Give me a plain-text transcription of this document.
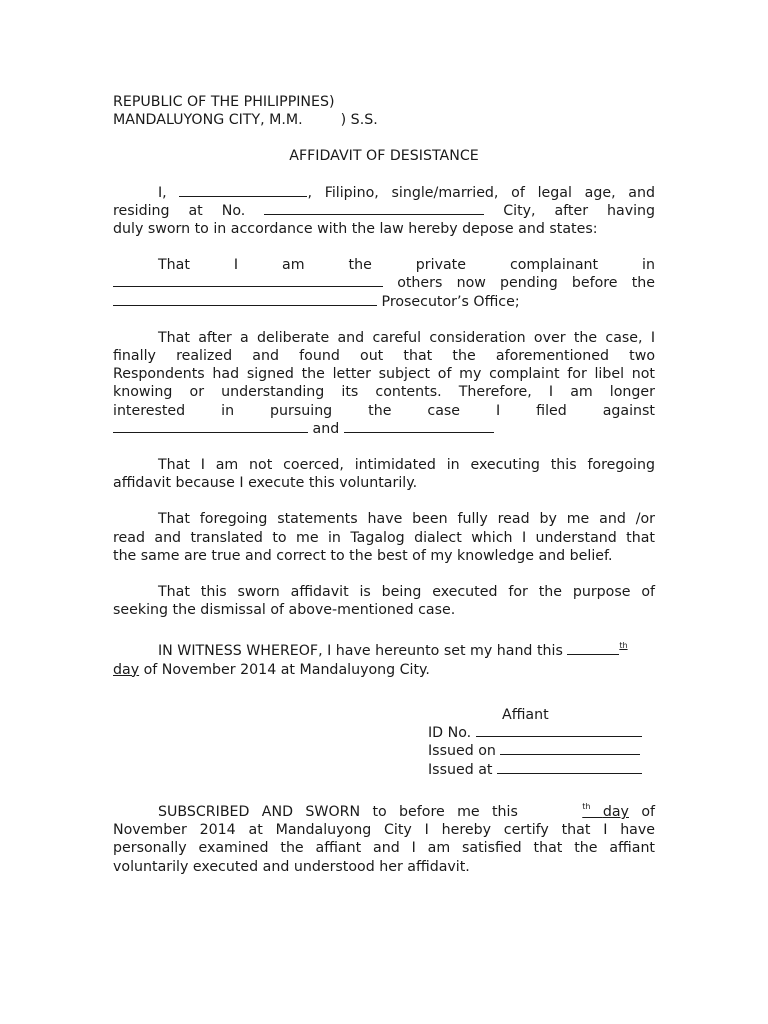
REPUBLIC OF THE PHILIPPINES)
MANDALUYONG CITY, M.M.	) S.S.
AFFIDAVIT OF DESISTANCE
I,	, Filipino, single/married, of legal age, and
residing at No.	City, after having
duly sworn to in accordance with the law hereby depose and states:
That	I	am	the	private	complainant	in
others now pending before the
Prosecutor’s Office;
That after a deliberate and careful consideration over the case, I
finally realized and found out that the aforementioned two
Respondents had signed the letter subject of my complaint for libel not
knowing or understanding its contents. Therefore, I am longer
interested in pursuing the case I filed against
and
That I am not coerced, intimidated in executing this foregoing
affidavit because I execute this voluntarily.
That foregoing statements have been fully read by me and /or
read and translated to me in Tagalog dialect which I understand that
the same are true and correct to the best of my knowledge and belief.
That this sworn affidavit is being executed for the purpose of
seeking the dismissal of above-mentioned case.
IN WITNESS WHEREOF, I have hereunto set my hand this	$^{th}$
day of November 2014 at Mandaluyong City.
Affiant
ID No.
Issued on
Issued at
SUBSCRIBED AND SWORN to before me this	$^{th}$ day of
November 2014 at Mandaluyong City I hereby certify that I have
personally examined the affiant and I am satisfied that the affiant
voluntarily executed and understood her affidavit.
